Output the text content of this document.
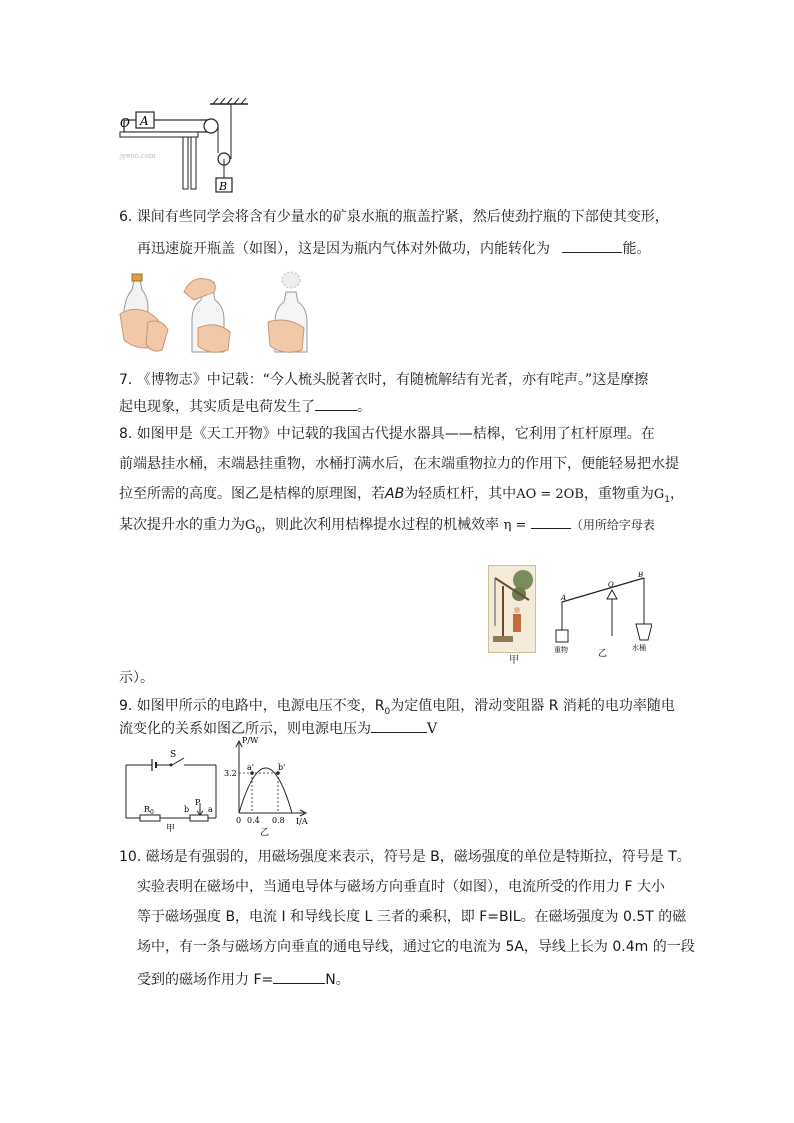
A
O
B
jyeoo.com
6. 课间有些同学会将含有少量水的矿泉水瓶的瓶盖拧紧，然后使劲拧瓶的下部使其变形，
再迅速旋开瓶盖（如图），这是因为瓶内气体对外做功，内能转化为	能。
7. 《博物志》中记载：“今人梳头脱著衣时，有随梳解结有光者，亦有咤声。”这是摩擦
起电现象，其实质是电荷发生了	。
8. 如图甲是《天工开物》中记载的我国古代提水器具——桔槔，它利用了杠杆原理。在
前端悬挂水桶，末端悬挂重物，水桶打满水后，在末端重物拉力的作用下，便能轻易把水提
拉至所需的高度。图乙是桔槔的原理图，若AB为轻质杠杆，其中AO = 2OB，重物重为$G_1$，
某次提升水的重力为$G_0$，则此次利用桔槔提水过程的机械效率 η =	（用所给字母表
甲
A
O
B
重物	水桶
乙
示）。
9. 如图甲所示的电路中，电源电压不变，$R_0$为定值电阻，滑动变阻器 R 消耗的电功率随电
流变化的关系如图乙所示，则电源电压为	V
S
$R_0$	b
P
a
甲
P/W
3.2
a'	b'
0 0.4 0.8 I/A
乙
10. 磁场是有强弱的，用磁场强度来表示，符号是 B，磁场强度的单位是特斯拉，符号是 T。
实验表明在磁场中，当通电导体与磁场方向垂直时（如图），电流所受的作用力 F 大小
等于磁场强度 B，电流 I 和导线长度 L 三者的乘积，即 F=BIL。在磁场强度为 0.5T 的磁
场中，有一条与磁场方向垂直的通电导线，通过它的电流为 5A，导线上长为 0.4m 的一段
受到的磁场作用力 F=	N。
